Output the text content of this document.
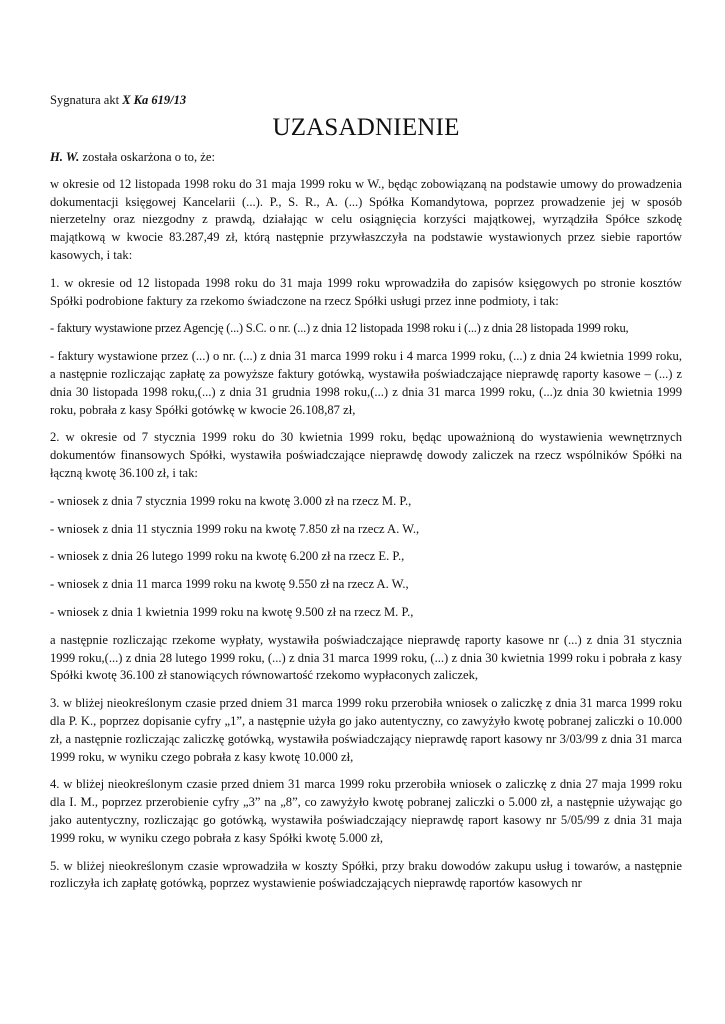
Sygnatura akt X Ka 619/13
UZASADNIENIE

H. W. została oskarżona o to, że:

w okresie od 12 listopada 1998 roku do 31 maja 1999 roku w W., będąc zobowiązaną na podstawie umowy do prowadzenia dokumentacji księgowej Kancelarii (...). P., S. R., A. (...) Spółka Komandytowa, poprzez prowadzenie jej w sposób nierzetelny oraz niezgodny z prawdą, działając w celu osiągnięcia korzyści majątkowej, wyrządziła Spółce szkodę majątkową w kwocie 83.287,49 zł, którą następnie przywłaszczyła na podstawie wystawionych przez siebie raportów kasowych, i tak:

1. w okresie od 12 listopada 1998 roku do 31 maja 1999 roku wprowadziła do zapisów księgowych po stronie kosztów Spółki podrobione faktury za rzekomo świadczone na rzecz Spółki usługi przez inne podmioty, i tak:

- faktury wystawione przez Agencję (...) S.C. o nr. (...) z dnia 12 listopada 1998 roku i (...) z dnia 28 listopada 1999 roku,

- faktury wystawione przez (...) o nr. (...) z dnia 31 marca 1999 roku i 4 marca 1999 roku, (...) z dnia 24 kwietnia 1999 roku, a następnie rozliczając zapłatę za powyższe faktury gotówką, wystawiła poświadczające nieprawdę raporty kasowe – (...) z dnia 30 listopada 1998 roku,(...) z dnia 31 grudnia 1998 roku,(...) z dnia 31 marca 1999 roku, (...)z dnia 30 kwietnia 1999 roku, pobrała z kasy Spółki gotówkę w kwocie 26.108,87 zł,

2. w okresie od 7 stycznia 1999 roku do 30 kwietnia 1999 roku, będąc upoważnioną do wystawienia wewnętrznych dokumentów finansowych Spółki, wystawiła poświadczające nieprawdę dowody zaliczek na rzecz wspólników Spółki na łączną kwotę 36.100 zł, i tak:

- wniosek z dnia 7 stycznia 1999 roku na kwotę 3.000 zł na rzecz M. P.,

- wniosek z dnia 11 stycznia 1999 roku na kwotę 7.850 zł na rzecz A. W.,

- wniosek z dnia 26 lutego 1999 roku na kwotę 6.200 zł na rzecz E. P.,

- wniosek z dnia 11 marca 1999 roku na kwotę 9.550 zł na rzecz A. W.,

- wniosek z dnia 1 kwietnia 1999 roku na kwotę 9.500 zł na rzecz M. P.,

a następnie rozliczając rzekome wypłaty, wystawiła poświadczające nieprawdę raporty kasowe nr (...) z dnia 31 stycznia 1999 roku,(...) z dnia 28 lutego 1999 roku, (...) z dnia 31 marca 1999 roku, (...) z dnia 30 kwietnia 1999 roku i pobrała z kasy Spółki kwotę 36.100 zł stanowiących równowartość rzekomo wypłaconych zaliczek,

3. w bliżej nieokreślonym czasie przed dniem 31 marca 1999 roku przerobiła wniosek o zaliczkę z dnia 31 marca 1999 roku dla P. K., poprzez dopisanie cyfry „1”, a następnie użyła go jako autentyczny, co zawyżyło kwotę pobranej zaliczki o 10.000 zł, a następnie rozliczając zaliczkę gotówką, wystawiła poświadczający nieprawdę raport kasowy nr 3/03/99 z dnia 31 marca 1999 roku, w wyniku czego pobrała z kasy kwotę 10.000 zł,

4. w bliżej nieokreślonym czasie przed dniem 31 marca 1999 roku przerobiła wniosek o zaliczkę z dnia 27 maja 1999 roku dla I. M., poprzez przerobienie cyfry „3” na „8”, co zawyżyło kwotę pobranej zaliczki o 5.000 zł, a następnie używając go jako autentyczny, rozliczając go gotówką, wystawiła poświadczający nieprawdę raport kasowy nr 5/05/99 z dnia 31 maja 1999 roku, w wyniku czego pobrała z kasy Spółki kwotę 5.000 zł,

5. w bliżej nieokreślonym czasie wprowadziła w koszty Spółki, przy braku dowodów zakupu usług i towarów, a następnie rozliczyła ich zapłatę gotówką, poprzez wystawienie poświadczających nieprawdę raportów kasowych nr
